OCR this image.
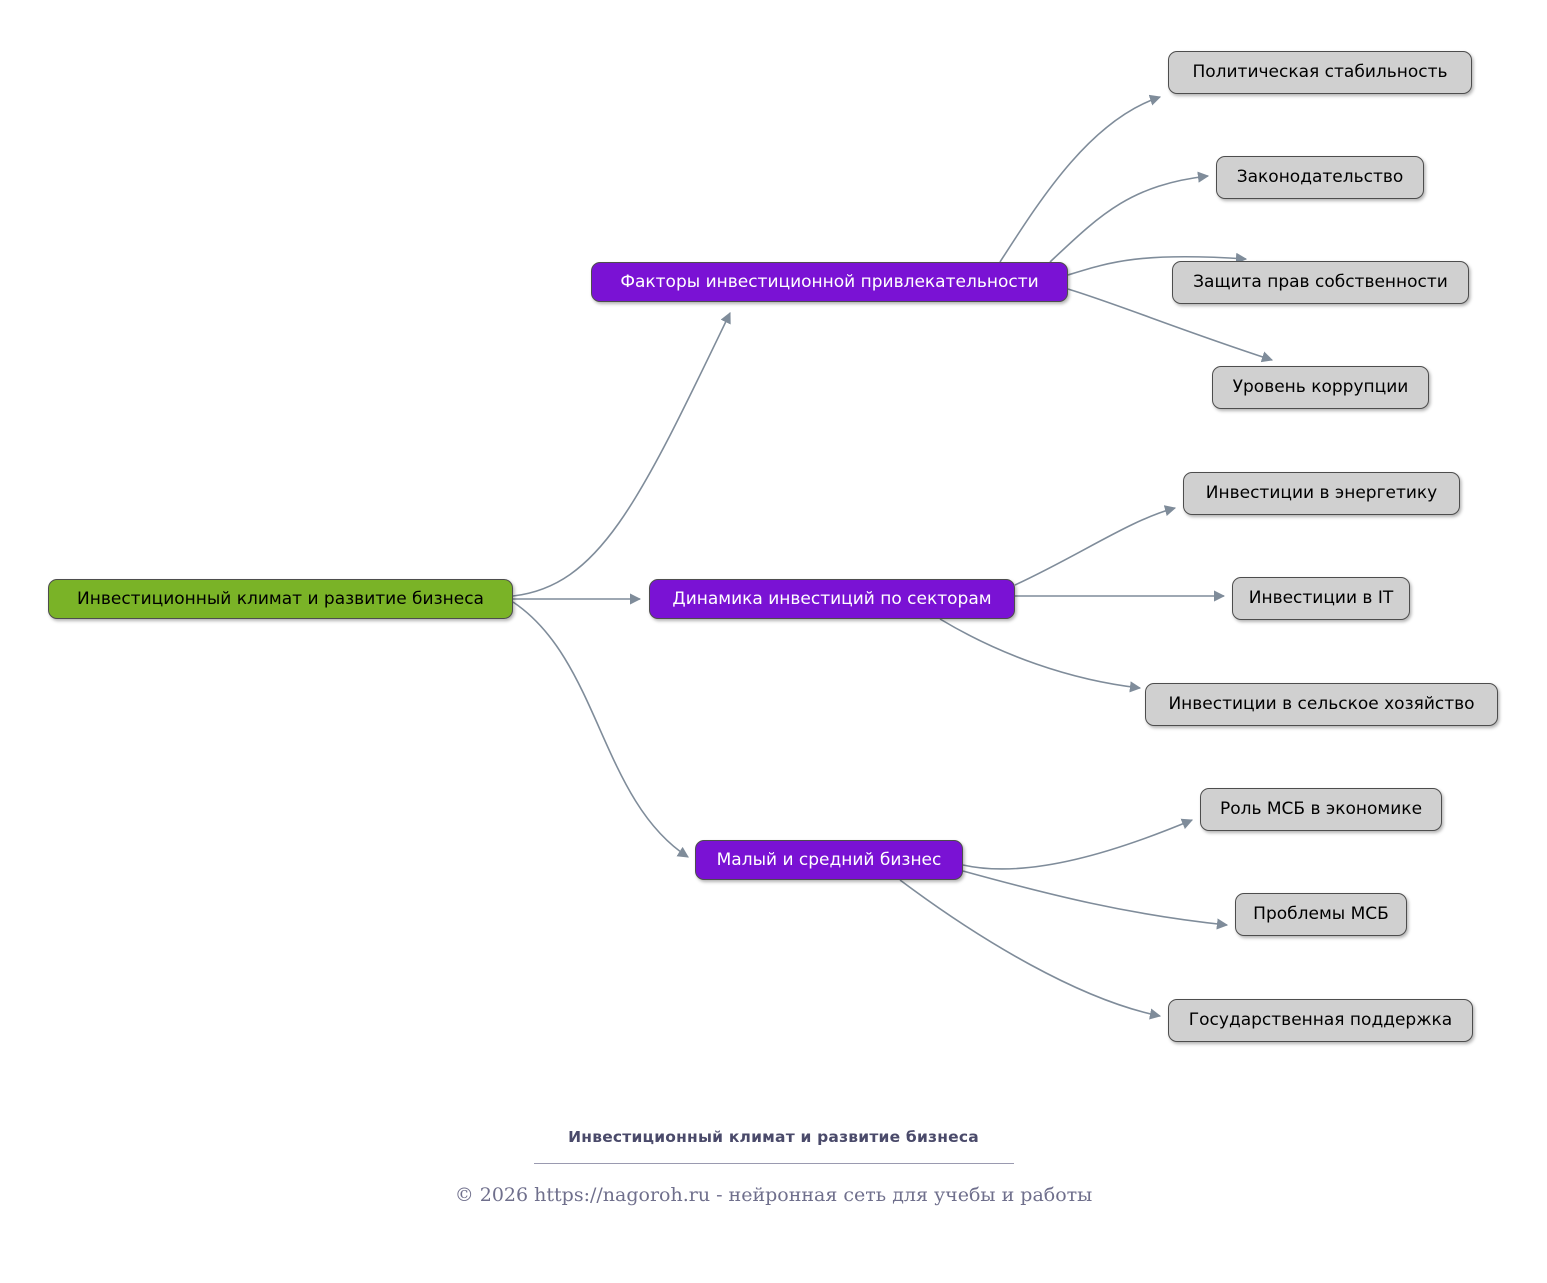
Инвестиционный климат и развитие бизнеса
Факторы инвестиционной привлекательности
Политическая стабильность
Законодательство
Защита прав собственности
Уровень коррупции
Динамика инвестиций по секторам
Инвестиции в энергетику
Инвестиции в IT
Инвестиции в сельское хозяйство
Малый и средний бизнес
Роль МСБ в экономике
Проблемы МСБ
Государственная поддержка
Инвестиционный климат и развитие бизнеса
© 2026 https://nagoroh.ru - нейронная сеть для учебы и работы
